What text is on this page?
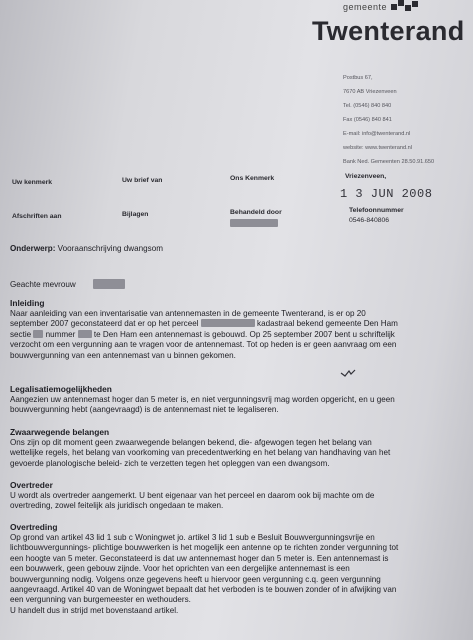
gemeente
Twenterand
Postbus 67,
7670 AB Vriezenveen
Tel. (0546) 840 840
Fax (0546) 840 841
E-mail: info@twenterand.nl
website: www.twenterand.nl
Bank Ned. Gemeenten 28.50.91.650
Uw kenmerk	Uw brief van	Ons Kenmerk	Vriezenveen,
1 3 JUN 2008
Afschriften aan	Bijlagen	Behandeld door	Telefoonnummer
0546-840806

Onderwerp: Vooraanschrijving dwangsom

Geachte mevrouw

Inleiding

Naar aanleiding van een inventarisatie van antennemasten in de gemeente Twenterand, is er op 20

september 2007 geconstateerd dat er op het perceel	kadastraal bekend gemeente Den Ham

sectie nummer te Den Ham een antennemast is gebouwd. Op 25 september 2007 bent u schriftelijk

verzocht om een vergunning aan te vragen voor de antennemast. Tot op heden is er geen aanvraag om een

bouwvergunning van een antennemast van u binnen gekomen.

Legalisatiemogelijkheden

Aangezien uw antennemast hoger dan 5 meter is, en niet vergunningsvrij mag worden opgericht, en u geen

bouwvergunning hebt (aangevraagd) is de antennemast niet te legaliseren.

Zwaarwegende belangen

Ons zijn op dit moment geen zwaarwegende belangen bekend, die- afgewogen tegen het belang van

wettelijke regels, het belang van voorkoming van precedentwerking en het belang van handhaving van het

gevoerde planologische beleid- zich te verzetten tegen het opleggen van een dwangsom.

Overtreder

U wordt als overtreder aangemerkt. U bent eigenaar van het perceel en daarom ook bij machte om de

overtreding, zowel feitelijk als juridisch ongedaan te maken.

Overtreding

Op grond van artikel 43 lid 1 sub c Woningwet jo. artikel 3 lid 1 sub e Besluit Bouwvergunningsvrije en

lichtbouwvergunnings- plichtige bouwwerken is het mogelijk een antenne op te richten zonder vergunning tot

een hoogte van 5 meter. Geconstateerd is dat uw antennemast hoger dan 5 meter is. Een antennemast is

een bouwwerk, geen gebouw zijnde. Voor het oprichten van een dergelijke antennemast is een

bouwvergunning nodig. Volgens onze gegevens heeft u hiervoor geen vergunning c.q. geen vergunning

aangevraagd. Artikel 40 van de Woningwet bepaalt dat het verboden is te bouwen zonder of in afwijking van

een vergunning van burgemeester en wethouders.

U handelt dus in strijd met bovenstaand artikel.
